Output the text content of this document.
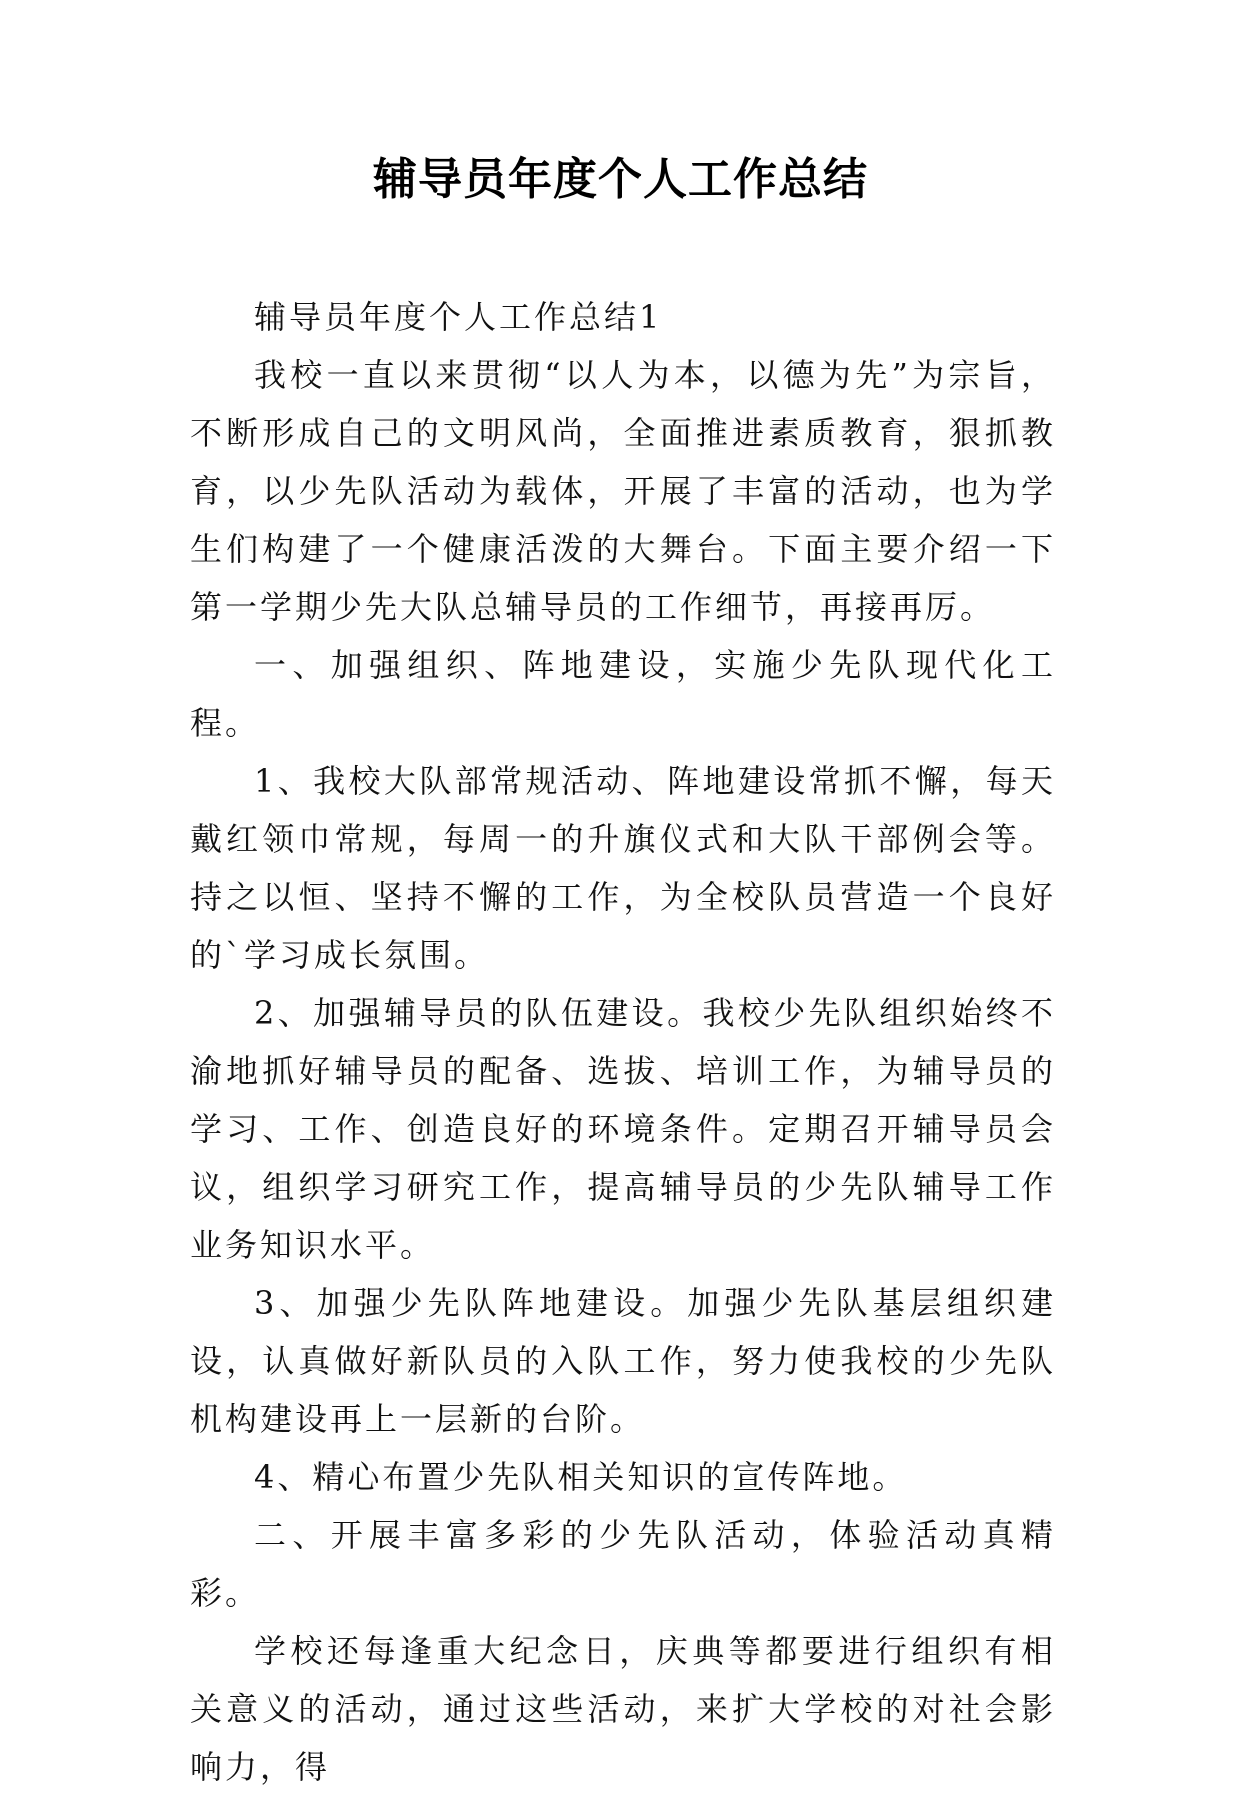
辅导员年度个人工作总结

辅导员年度个人工作总结1

我校一直以来贯彻“以人为本，以德为先”为宗旨，不断形成自己的文明风尚，全面推进素质教育，狠抓教育，以少先队活动为载体，开展了丰富的活动，也为学生们构建了一个健康活泼的大舞台。下面主要介绍一下第一学期少先大队总辅导员的工作细节，再接再厉。

一、加强组织、阵地建设，实施少先队现代化工程。

1、我校大队部常规活动、阵地建设常抓不懈，每天戴红领巾常规，每周一的升旗仪式和大队干部例会等。持之以恒、坚持不懈的工作，为全校队员营造一个良好的`学习成长氛围。

2、加强辅导员的队伍建设。我校少先队组织始终不渝地抓好辅导员的配备、选拔、培训工作，为辅导员的学习、工作、创造良好的环境条件。定期召开辅导员会议，组织学习研究工作，提高辅导员的少先队辅导工作业务知识水平。

3、加强少先队阵地建设。加强少先队基层组织建设，认真做好新队员的入队工作，努力使我校的少先队机构建设再上一层新的台阶。

4、精心布置少先队相关知识的宣传阵地。

二、开展丰富多彩的少先队活动，体验活动真精彩。

学校还每逢重大纪念日，庆典等都要进行组织有相关意义的活动，通过这些活动，来扩大学校的对社会影响力，得
